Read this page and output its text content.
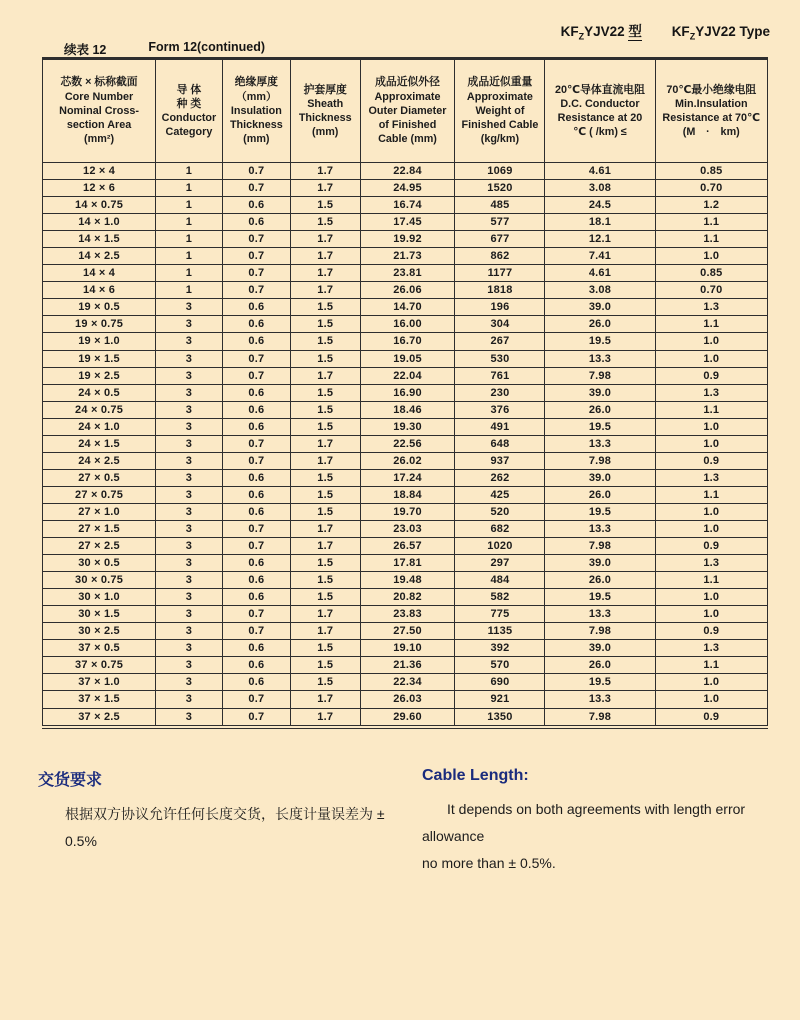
$KF_ZYJV22$ 型 $KF_ZYJV22$ Type
续表 12	Form 12(continued)
芯数 × 标称截面
Core Number
Nominal Cross-
section Area
(mm²)

导 体
种 类
Conductor
Category

绝缘厚度
（mm）
Insulation
Thickness
(mm)

护套厚度
Sheath
Thickness
(mm)

成品近似外径
Approximate
Outer Diameter
of Finished
Cable (mm)

成品近似重量
Approximate
Weight of
Finished Cable
(kg/km)

20℃导体直流电阻
D.C. Conductor
Resistance at 20
℃ ( /km) ≤

70℃最小绝缘电阻
Min.Insulation
Resistance at 70℃
(M　·　km)

12 × 4	1	0.7	1.7	22.84	1069	4.61	0.85
12 × 6	1	0.7	1.7	24.95	1520	3.08	0.70
14 × 0.75	1	0.6	1.5	16.74	485	24.5	1.2
14 × 1.0	1	0.6	1.5	17.45	577	18.1	1.1
14 × 1.5	1	0.7	1.7	19.92	677	12.1	1.1
14 × 2.5	1	0.7	1.7	21.73	862	7.41	1.0
14 × 4	1	0.7	1.7	23.81	1177	4.61	0.85
14 × 6	1	0.7	1.7	26.06	1818	3.08	0.70
19 × 0.5	3	0.6	1.5	14.70	196	39.0	1.3
19 × 0.75	3	0.6	1.5	16.00	304	26.0	1.1
19 × 1.0	3	0.6	1.5	16.70	267	19.5	1.0
19 × 1.5	3	0.7	1.5	19.05	530	13.3	1.0
19 × 2.5	3	0.7	1.7	22.04	761	7.98	0.9
24 × 0.5	3	0.6	1.5	16.90	230	39.0	1.3
24 × 0.75	3	0.6	1.5	18.46	376	26.0	1.1
24 × 1.0	3	0.6	1.5	19.30	491	19.5	1.0
24 × 1.5	3	0.7	1.7	22.56	648	13.3	1.0
24 × 2.5	3	0.7	1.7	26.02	937	7.98	0.9
27 × 0.5	3	0.6	1.5	17.24	262	39.0	1.3
27 × 0.75	3	0.6	1.5	18.84	425	26.0	1.1
27 × 1.0	3	0.6	1.5	19.70	520	19.5	1.0
27 × 1.5	3	0.7	1.7	23.03	682	13.3	1.0
27 × 2.5	3	0.7	1.7	26.57	1020	7.98	0.9
30 × 0.5	3	0.6	1.5	17.81	297	39.0	1.3
30 × 0.75	3	0.6	1.5	19.48	484	26.0	1.1
30 × 1.0	3	0.6	1.5	20.82	582	19.5	1.0
30 × 1.5	3	0.7	1.7	23.83	775	13.3	1.0
30 × 2.5	3	0.7	1.7	27.50	1135	7.98	0.9
37 × 0.5	3	0.6	1.5	19.10	392	39.0	1.3
37 × 0.75	3	0.6	1.5	21.36	570	26.0	1.1
37 × 1.0	3	0.6	1.5	22.34	690	19.5	1.0
37 × 1.5	3	0.7	1.7	26.03	921	13.3	1.0
37 × 2.5	3	0.7	1.7	29.60	1350	7.98	0.9
交货要求
根据双方协议允许任何长度交货，长度计量误差为 ±
0.5%
Cable Length:
It depends on both agreements with length error allowance
no more than ± 0.5%.
